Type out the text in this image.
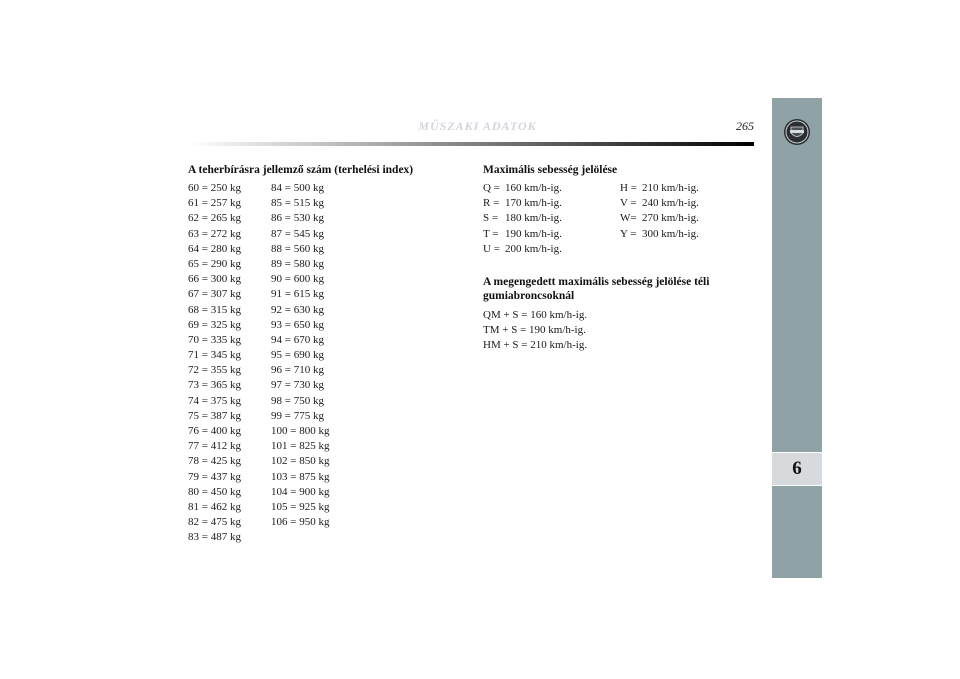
MŰSZAKI ADATOK	265
6
A teherbírásra jellemző szám (terhelési index)
60 = 250 kg
61 = 257 kg
62 = 265 kg
63 = 272 kg
64 = 280 kg
65 = 290 kg
66 = 300 kg
67 = 307 kg
68 = 315 kg
69 = 325 kg
70 = 335 kg
71 = 345 kg
72 = 355 kg
73 = 365 kg
74 = 375 kg
75 = 387 kg
76 = 400 kg
77 = 412 kg
78 = 425 kg
79 = 437 kg
80 = 450 kg
81 = 462 kg
82 = 475 kg
83 = 487 kg
84 = 500 kg
85 = 515 kg
86 = 530 kg
87 = 545 kg
88 = 560 kg
89 = 580 kg
90 = 600 kg
91 = 615 kg
92 = 630 kg
93 = 650 kg
94 = 670 kg
95 = 690 kg
96 = 710 kg
97 = 730 kg
98 = 750 kg
99 = 775 kg
100 = 800 kg
101 = 825 kg
102 = 850 kg
103 = 875 kg
104 = 900 kg
105 = 925 kg
106 = 950 kg
Maximális sebesség jelölése
Q = 160 km/h-ig.
R = 170 km/h-ig.
S = 180 km/h-ig.
T = 190 km/h-ig.
U = 200 km/h-ig.
H = 210 km/h-ig.
V = 240 km/h-ig.
W= 270 km/h-ig.
Y = 300 km/h-ig.
A megengedett maximális sebesség jelölése téli
gumiabroncsoknál
QM + S = 160 km/h-ig.
TM + S = 190 km/h-ig.
HM + S = 210 km/h-ig.
